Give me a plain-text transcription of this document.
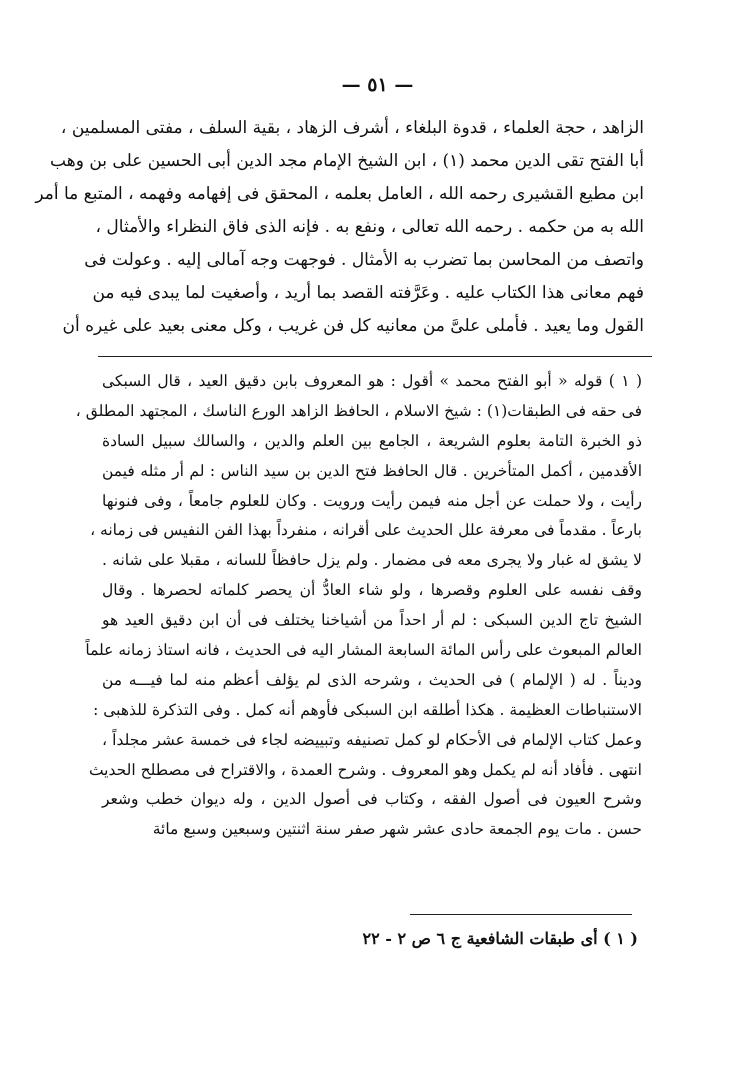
— ٥١ —
الزاهد ، حجة العلماء ، قدوة البلغاء ، أشرف الزهاد ، بقية السلف ، مفتى المسلمين ،
أبا الفتح تقى الدين محمد (١) ، ابن الشيخ الإمام مجد الدين أبى الحسين على بن وهب
ابن مطيع القشيرى رحمه الله ، العامل بعلمه ، المحقق فى إفهامه وفهمه ، المتبع ما أمر
الله به من حكمه . رحمه الله تعالى ، ونفع به . فإنه الذى فاق النظراء والأمثال ،
واتصف من المحاسن بما تضرب به الأمثال . فوجهت وجه آمالى إليه . وعولت فى
فهم معانى هذا الكتاب عليه . وعَرَّفته القصد بما أريد ، وأصغيت لما يبدى فيه من
القول وما يعيد . فأملى علىَّ من معانيه كل فن غريب ، وكل معنى بعيد على غيره أن
( ١ ) قوله « أبو الفتح محمد » أقول : هو المعروف بابن دقيق العيد ، قال السبكى
فى حقه فى الطبقات(١) : شيخ الاسلام ، الحافظ الزاهد الورع الناسك ، المجتهد المطلق ،
ذو الخبرة التامة بعلوم الشريعة ، الجامع بين العلم والدين ، والسالك سبيل السادة
الأقدمين ، أكمل المتأخرين . قال الحافظ فتح الدين بن سيد الناس : لم أر مثله فيمن
رأيت ، ولا حملت عن أجل منه فيمن رأيت ورويت . وكان للعلوم جامعاً ، وفى فنونها
بارعاً . مقدماً فى معرفة علل الحديث على أقرانه ، منفرداً بهذا الفن النفيس فى زمانه ،
لا يشق له غبار ولا يجرى معه فى مضمار . ولم يزل حافظاً للسانه ، مقبلا على شانه .
وقف نفسه على العلوم وقصرها ، ولو شاء العادُّ أن يحصر كلماته لحصرها . وقال
الشيخ تاج الدين السبكى : لم أر احداً من أشياخنا يختلف فى أن ابن دقيق العيد هو
العالم المبعوث على رأس المائة السابعة المشار اليه فى الحديث ، فانه استاذ زمانه علماً
وديناً . له ( الإلمام ) فى الحديث ، وشرحه الذى لم يؤلف أعظم منه لما فيـــه من
الاستنباطات العظيمة . هكذا أطلقه ابن السبكى فأوهم أنه كمل . وفى التذكرة للذهبى :
وعمل كتاب الإلمام فى الأحكام لو كمل تصنيفه وتبييضه لجاء فى خمسة عشر مجلداً ،
انتهى . فأفاد أنه لم يكمل وهو المعروف . وشرح العمدة ، والاقتراح فى مصطلح الحديث
وشرح العيون فى أصول الفقه ، وكتاب فى أصول الدين ، وله ديوان خطب وشعر
حسن . مات يوم الجمعة حادى عشر شهر صفر سنة اثنتين وسبعين وسبع مائة
( ١ ) أى طبقات الشافعية ج ٦ ص ٢ - ٢٢
